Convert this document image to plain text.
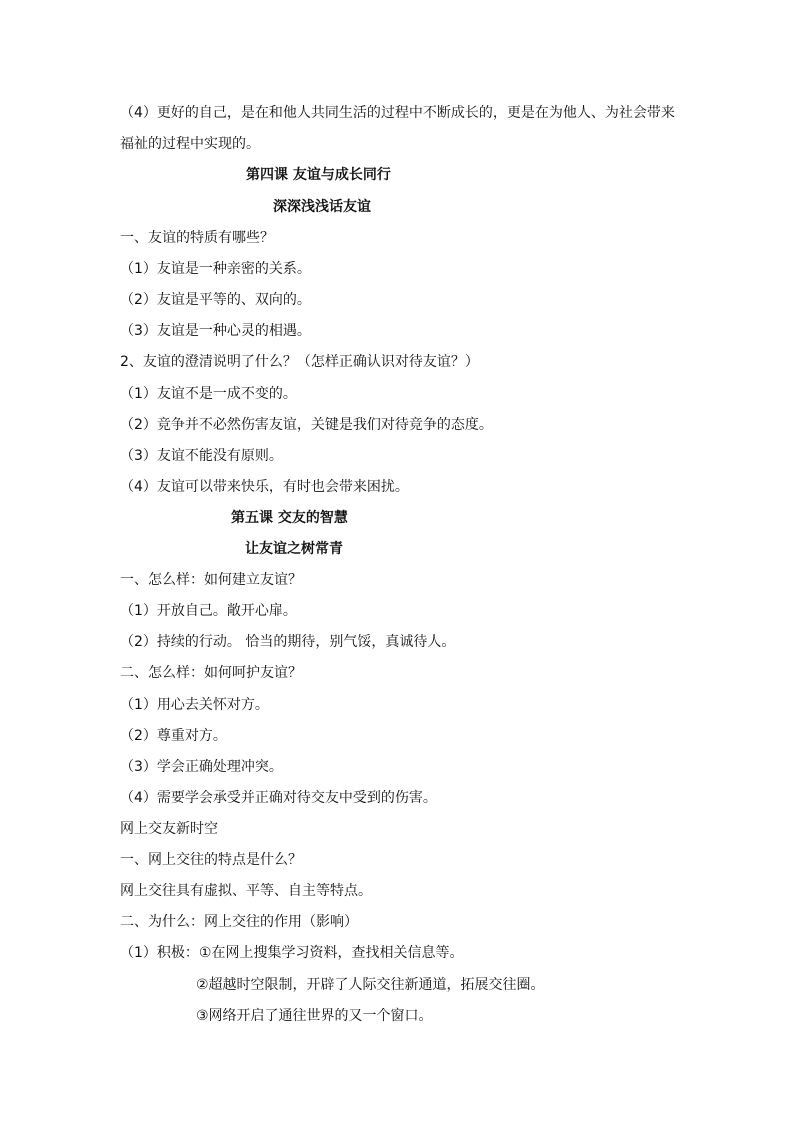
（4）更好的自己，是在和他人共同生活的过程中不断成长的，更是在为他人、为社会带来
福祉的过程中实现的。
第四课 友谊与成长同行
深深浅浅话友谊
一、友谊的特质有哪些？
（1）友谊是一种亲密的关系。
（2）友谊是平等的、双向的。
（3）友谊是一种心灵的相遇。
2、友谊的澄清说明了什么？（怎样正确认识对待友谊？）
（1）友谊不是一成不变的。
（2）竞争并不必然伤害友谊，关键是我们对待竞争的态度。
（3）友谊不能没有原则。
（4）友谊可以带来快乐，有时也会带来困扰。
第五课 交友的智慧
让友谊之树常青
一、怎么样：如何建立友谊？
（1）开放自己。敞开心扉。
（2）持续的行动。 恰当的期待，别气馁，真诚待人。
二、怎么样：如何呵护友谊？
（1）用心去关怀对方。
（2）尊重对方。
（3）学会正确处理冲突。
（4）需要学会承受并正确对待交友中受到的伤害。
网上交友新时空
一、网上交往的特点是什么？
网上交往具有虚拟、平等、自主等特点。
二、为什么：网上交往的作用（影响）
（1）积极：①在网上搜集学习资料，查找相关信息等。
②超越时空限制，开辟了人际交往新通道，拓展交往圈。
③网络开启了通往世界的又一个窗口。
